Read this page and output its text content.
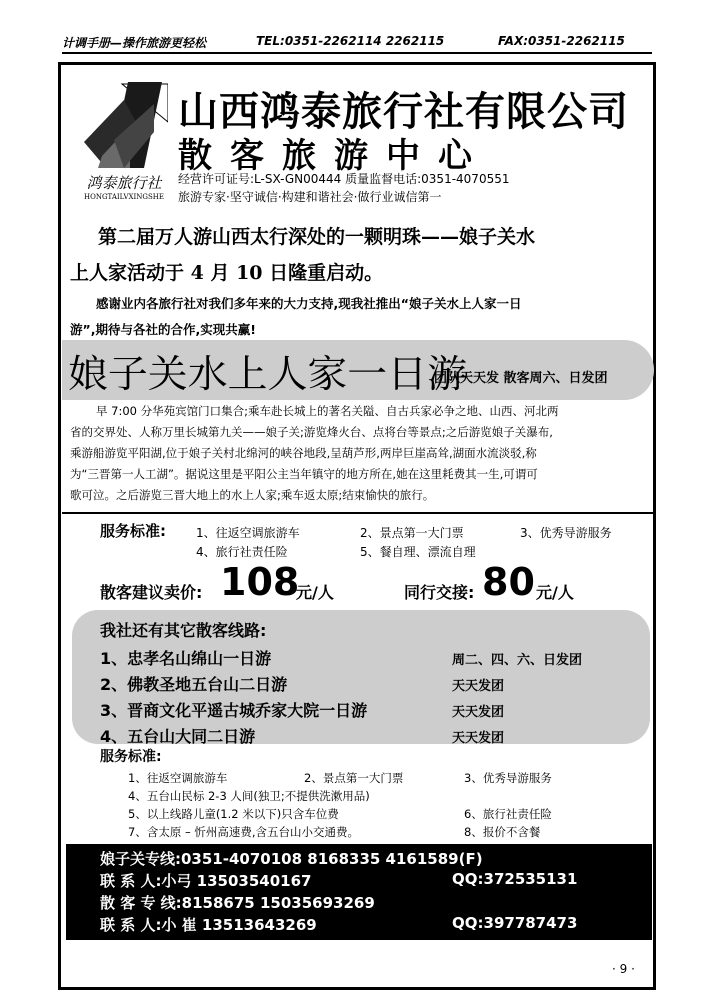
计调手册—操作旅游更轻松	TEL:0351-2262114 2262115	FAX:0351-2262115
鸿泰旅行社
HONGTAILVXINGSHE
山西鸿泰旅行社有限公司
散客旅游中心
经营许可证号:L-SX-GN00444 质量监督电话:0351-4070551
旅游专家·坚守诚信·构建和谐社会·做行业诚信第一
第二届万人游山西太行深处的一颗明珠——娘子关水
上人家活动于 4 月 10 日隆重启动。
感谢业内各旅行社对我们多年来的大力支持,现我社推出“娘子关水上人家一日
游”,期待与各社的合作,实现共赢!
娘子关水上人家一日游
团队天天发 散客周六、日发团
早 7:00 分华苑宾馆门口集合;乘车赴长城上的著名关隘、自古兵家必争之地、山西、河北两
省的交界处、人称万里长城第九关——娘子关;游览烽火台、点将台等景点;之后游览娘子关瀑布,
乘游船游览平阳湖,位于娘子关村北绵河的峡谷地段,呈葫芦形,两岸巨崖高耸,湖面水流淡驳,称
为“三晋第一人工湖”。据说这里是平阳公主当年镇守的地方所在,她在这里耗费其一生,可谓可
歌可泣。之后游览三晋大地上的水上人家;乘车返太原;结束愉快的旅行。
服务标准:	1、往返空调旅游车	2、景点第一大门票	3、优秀导游服务
4、旅行社责任险	5、餐自理、漂流自理
散客建议卖价: 108
元/人	同行交接: 80 元/人
我社还有其它散客线路:
1、忠孝名山绵山一日游	周二、四、六、日发团
2、佛教圣地五台山二日游	天天发团
3、晋商文化平遥古城乔家大院一日游	天天发团
4、五台山大同二日游	天天发团
服务标准:
1、往返空调旅游车	2、景点第一大门票	3、优秀导游服务
4、五台山民标 2-3 人间(独卫;不提供洗漱用品)
5、以上线路儿童(1.2 米以下)只含车位费	6、旅行社责任险
7、含太原 – 忻州高速费,含五台山小交通费。	8、报价不含餐
娘子关专线:0351-4070108 8168335 4161589(F)
联 系 人:小弓 13503540167	QQ:372535131
散 客 专 线:8158675 15035693269
联 系 人:小 崔 13513643269	QQ:397787473
· 9 ·
